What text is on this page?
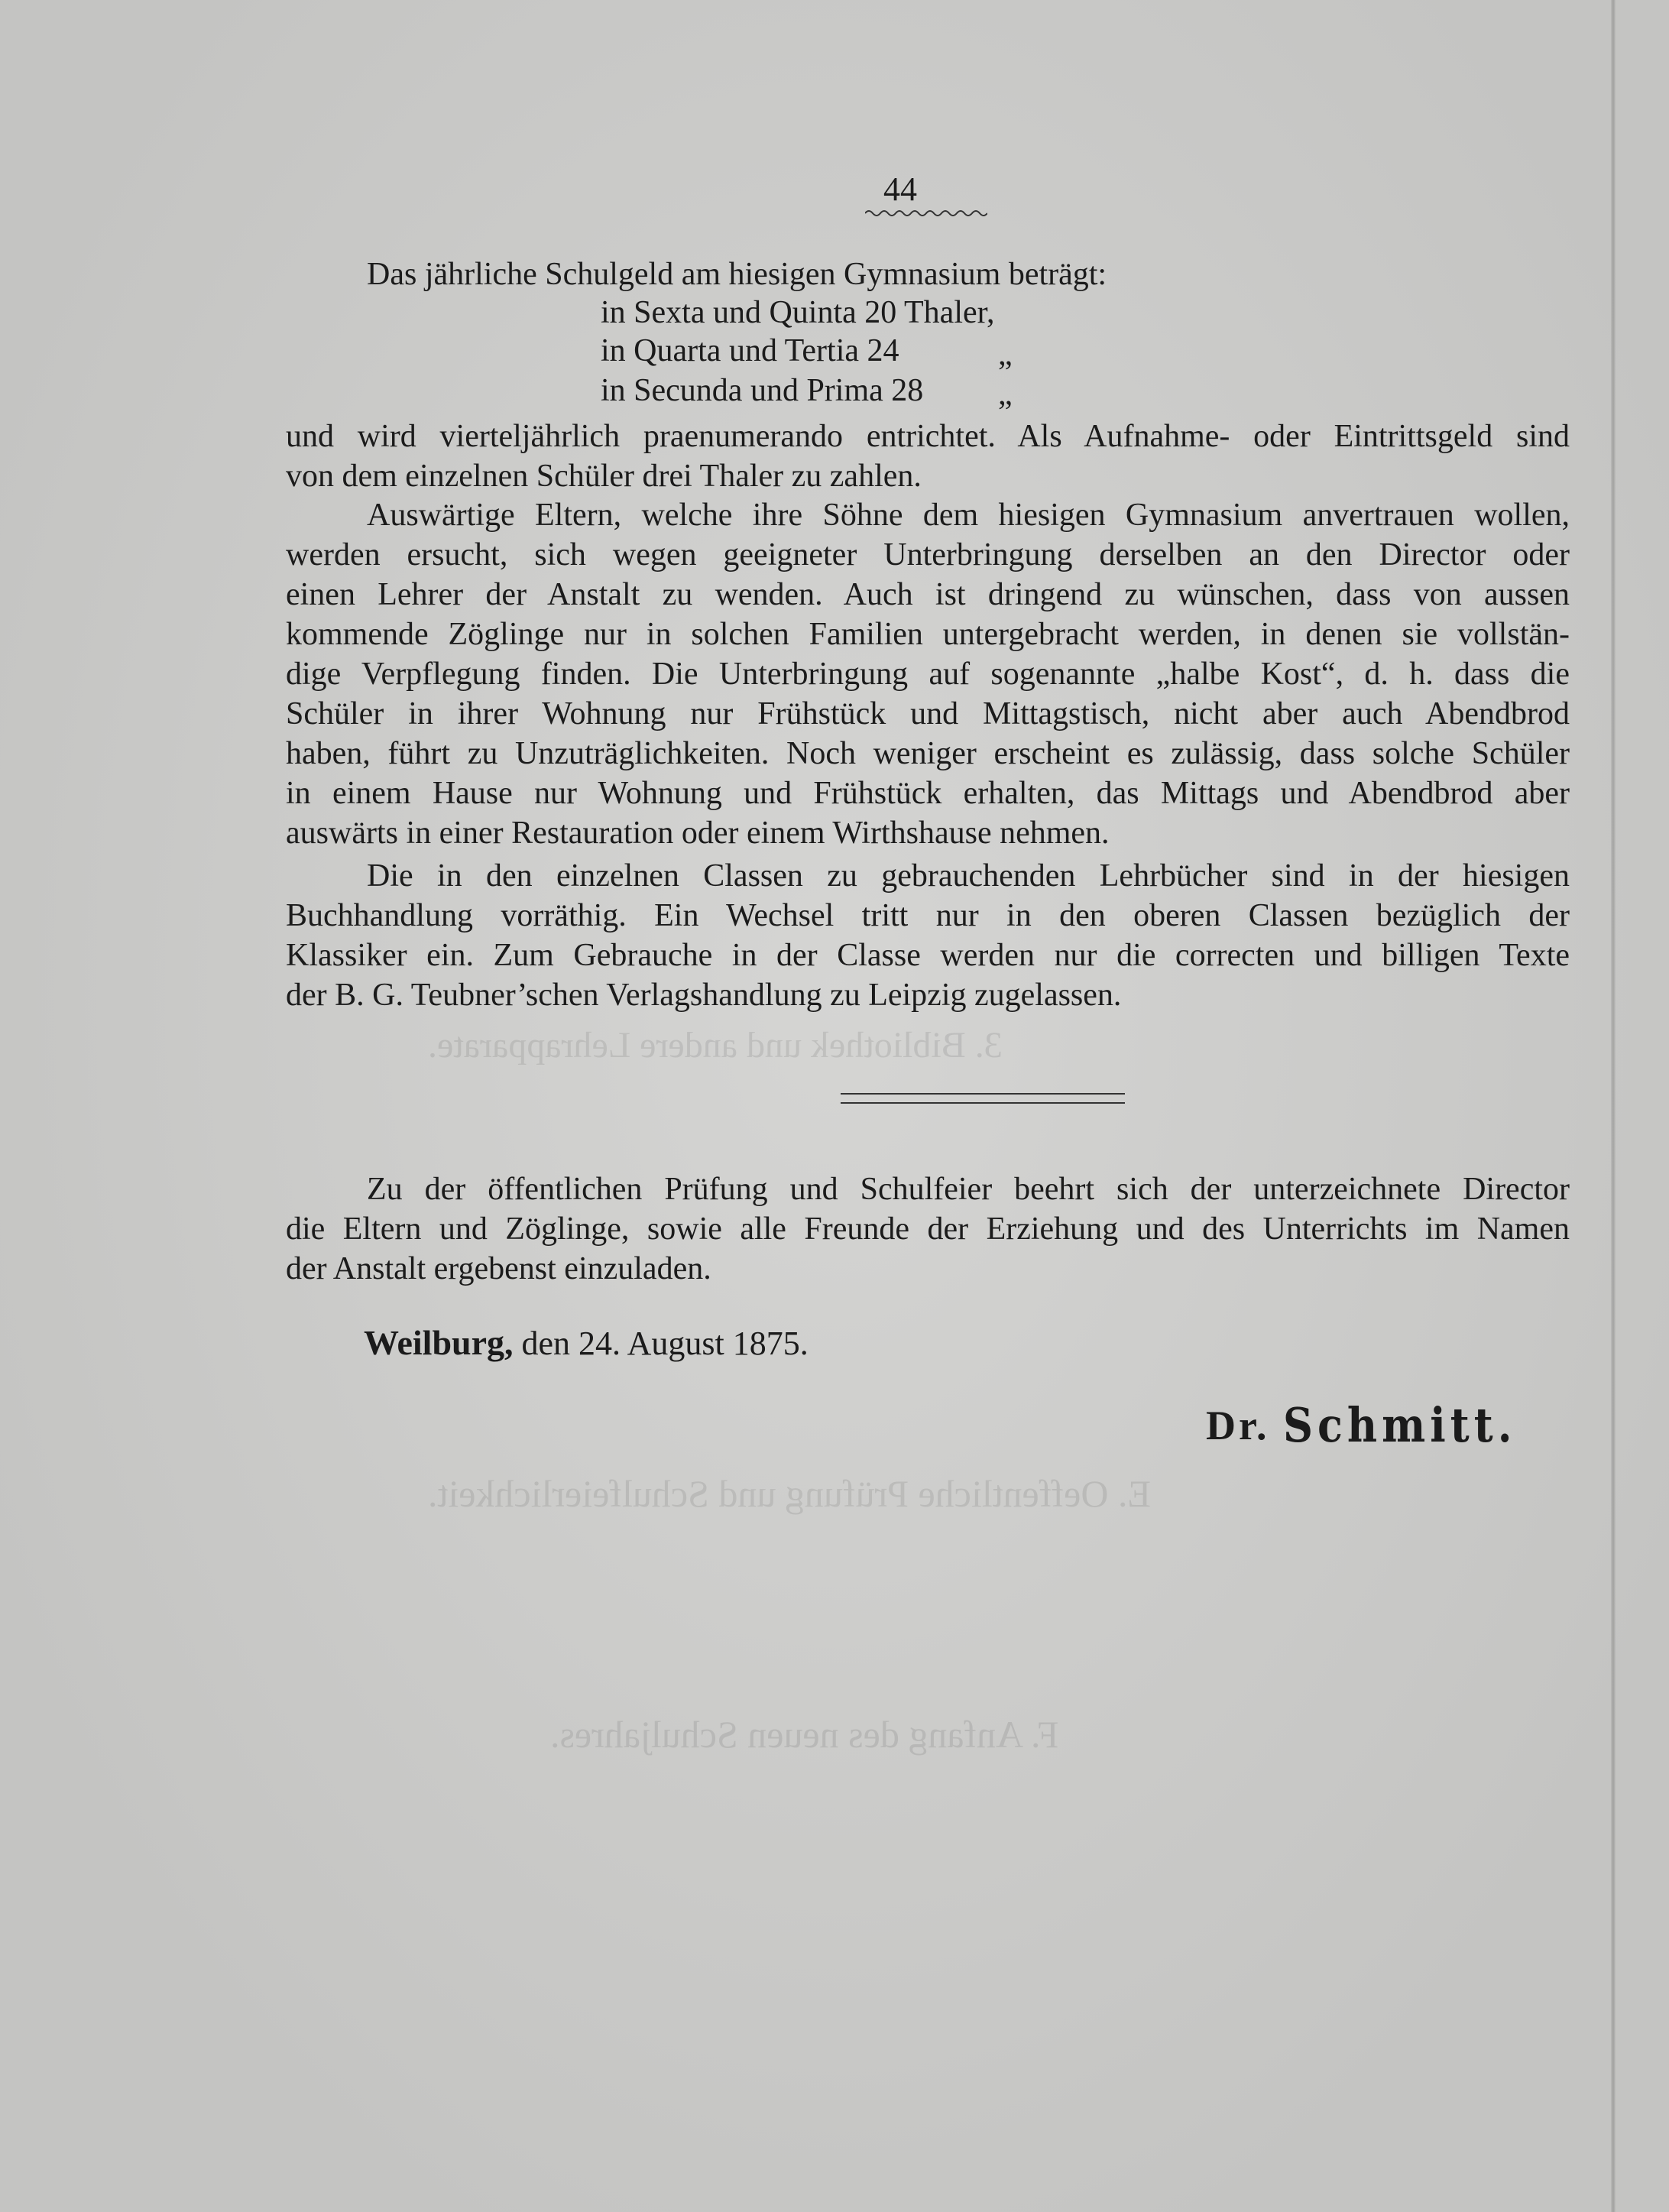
3. Bibliothek und andere Lehrapparate.
E. Oeffentliche Prüfung und Schulfeierlichkeit.
F. Anfang des neuen Schuljahres.
44
Das jährliche Schulgeld am hiesigen Gymnasium beträgt:
in Sexta und Quinta 20 Thaler,
in Quarta und Tertia 24	„
in Secunda und Prima 28 „
und wird vierteljährlich praenumerando entrichtet. Als Aufnahme- oder Eintrittsgeld sind
von dem einzelnen Schüler drei Thaler zu zahlen.
Auswärtige Eltern, welche ihre Söhne dem hiesigen Gymnasium anvertrauen wollen,
werden ersucht, sich wegen geeigneter Unterbringung derselben an den Director oder
einen Lehrer der Anstalt zu wenden. Auch ist dringend zu wünschen, dass von aussen
kommende Zöglinge nur in solchen Familien untergebracht werden, in denen sie vollstän-
dige Verpflegung finden. Die Unterbringung auf sogenannte „halbe Kost“, d. h. dass die
Schüler in ihrer Wohnung nur Frühstück und Mittagstisch, nicht aber auch Abendbrod
haben, führt zu Unzuträglichkeiten. Noch weniger erscheint es zulässig, dass solche Schüler
in einem Hause nur Wohnung und Frühstück erhalten, das Mittags und Abendbrod aber
auswärts in einer Restauration oder einem Wirthshause nehmen.
Die in den einzelnen Classen zu gebrauchenden Lehrbücher sind in der hiesigen
Buchhandlung vorräthig. Ein Wechsel tritt nur in den oberen Classen bezüglich der
Klassiker ein. Zum Gebrauche in der Classe werden nur die correcten und billigen Texte
der B. G. Teubner’schen Verlagshandlung zu Leipzig zugelassen.
Zu der öffentlichen Prüfung und Schulfeier beehrt sich der unterzeichnete Director
die Eltern und Zöglinge, sowie alle Freunde der Erziehung und des Unterrichts im Namen
der Anstalt ergebenst einzuladen.
Weilburg, den 24. August 1875.
Dr. Schmitt.
